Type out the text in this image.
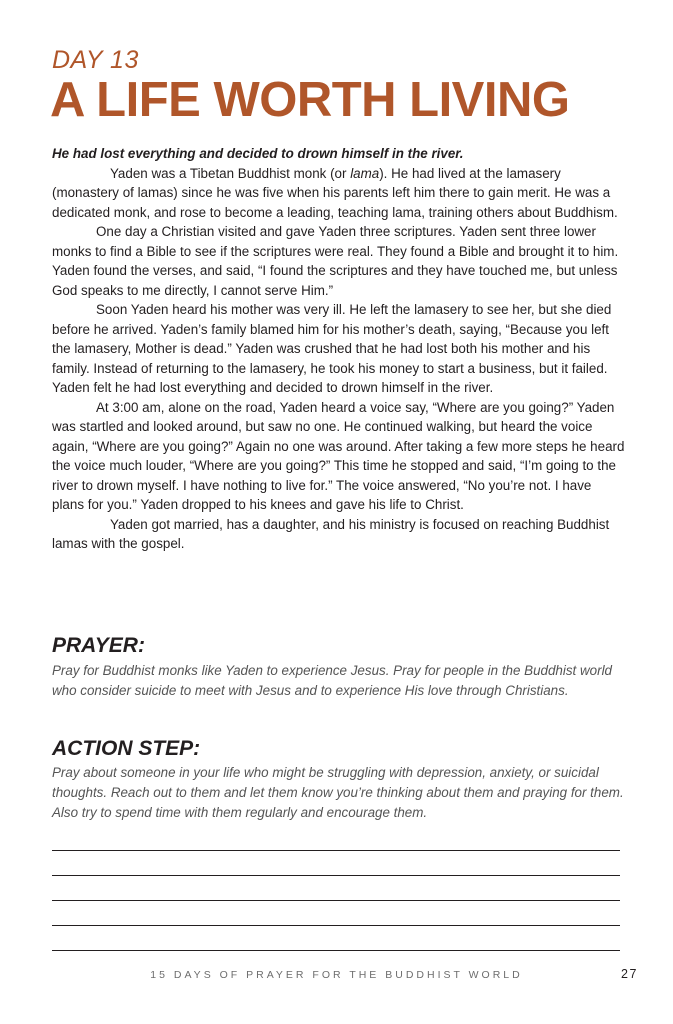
DAY 13
A LIFE WORTH LIVING

He had lost everything and decided to drown himself in the river.

Yaden was a Tibetan Buddhist monk (or lama). He had lived at the lamasery (monastery of lamas) since he was five when his parents left him there to gain merit. He was a dedicated monk, and rose to become a leading, teaching lama, training others about Buddhism.

One day a Christian visited and gave Yaden three scriptures. Yaden sent three lower monks to find a Bible to see if the scriptures were real. They found a Bible and brought it to him. Yaden found the verses, and said, “I found the scriptures and they have touched me, but unless God speaks to me directly, I cannot serve Him.”

Soon Yaden heard his mother was very ill. He left the lamasery to see her, but she died before he arrived. Yaden’s family blamed him for his mother’s death, saying, “Because you left the lamasery, Mother is dead.” Yaden was crushed that he had lost both his mother and his family. Instead of returning to the lamasery, he took his money to start a business, but it failed. Yaden felt he had lost everything and decided to drown himself in the river.

At 3:00 am, alone on the road, Yaden heard a voice say, “Where are you going?” Yaden was startled and looked around, but saw no one. He continued walking, but heard the voice again, “Where are you going?” Again no one was around. After taking a few more steps he heard the voice much louder, “Where are you going?” This time he stopped and said, “I’m going to the river to drown myself. I have nothing to live for.” The voice answered, “No you’re not. I have plans for you.” Yaden dropped to his knees and gave his life to Christ.

Yaden got married, has a daughter, and his ministry is focused on reaching Buddhist lamas with the gospel.

PRAYER:
Pray for Buddhist monks like Yaden to experience Jesus. Pray for people in the Buddhist world who consider suicide to meet with Jesus and to experience His love through Christians.
ACTION STEP:
Pray about someone in your life who might be struggling with depression, anxiety, or suicidal thoughts. Reach out to them and let them know you’re thinking about them and praying for them. Also try to spend time with them regularly and encourage them.
15 DAYS OF PRAYER FOR THE BUDDHIST WORLD	27
